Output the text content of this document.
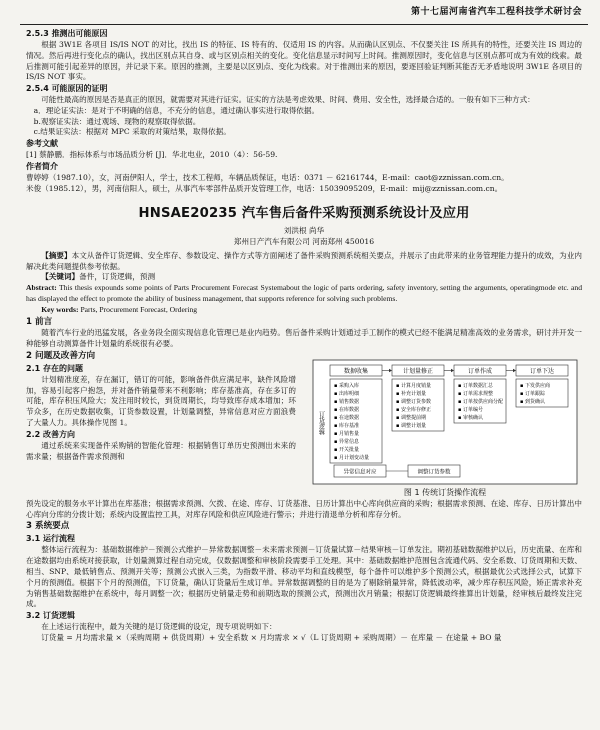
第十七届河南省汽车工程科技学术研讨会
2.5.3 推测出可能原因

根据 3W1E 各项目 IS/IS NOT 的对比，找出 IS 的特征、IS 特有的、仅适用 IS 的内容。从而确认区别点、不仅要关注 IS 所具有的特性，还要关注 IS 周边的情况。然后再进行变化点的确认，找出区别点其自身、或与区别点相关的变化。变化信息显示时间写上时间。推测原因时，变化信息与区别点都可成为有效的线索。最后推测可能引起差异的原因，并记录下来。原因的推测，主要是以区别点、变化为线索。对于推测出来的原因，要逐回验证判断其能否无矛盾地说明 3W1E 各项目的 IS/IS NOT 事实。

2.5.4 可能原因的证明

可能性最高的原因是否是真正的原因，就需要对其进行证实。证实的方法是考虑效果、时间、费用、安全性，选择最合适的。一般有如下三种方式：

a．理论证实法：是对于不明确的信息，不充分的信息，通过确认事实进行取得依据。
b.观察证实法：通过观场、现物的观察取得依据。
c.结果证实法：根据对 MPC 采取的对策结果，取得依据。
参考文献

[1] 蔡静鹏．指标体系与市场品质分析 [J]．华北电业，2010（4）：56-59.

作者简介

曹婷婷（1987.10），女，河南伊阳人，学士，技术工程师，车辆品质保证，电话：0371 － 62161744，E-mail：caot@zznissan.com.cn。

米俊（1985.12），男，河南信阳人，硕士，从事汽车零部件品质开发管理工作，电话：15039095209，E-mail：mij@zznissan.com.cn。

HNSAE20235 汽车售后备件采购预测系统设计及应用
刘洪根 尚华
郑州日产汽车有限公司 河南郑州 450016

【摘要】本文从备件订货逻辑、安全库存、参数设定、操作方式等方面阐述了备件采购预测系统相关要点，并展示了由此带来的业务管理能力提升的成效，为业内解决此类问题提供参考依据。

【关键词】备件，订货逻辑，预测

Abstract: This thesis expounds some points of Parts Procurement Forecast Systemabout the logic of parts ordering, safety inventory, setting the arguments, operatingmode etc. and has displayed the effect to promote the ability of business management, that supports reference for solving such problems.

Key words: Parts, Procurement Forecast, Ordering

1 前言

随着汽车行业的迅猛发展，各业务段全面实现信息化管理已是业内趋势。售后备件采购计划通过手工制作的模式已经不能满足精准高效的业务需求，研讨并开发一种能够自动测算备件计划量的系统很有必要。

2 问题及改善方向
2.1 存在的问题

计划精准度差，存在漏订，错订的可能，影响备件供应满足率，缺件风险增加，容易引起客户抱怨，并对备件销量带来不利影响；库存基准高，存在多订的可能，库存积压风险大；发注用时较长，到货周期长，均导致库存成本增加；环节众多，在历史数据收集，订货参数设置，计划量调整，异常信息对应方面浪费了大量人力。具体操作见图 1。

2.2 改善方向

通过系统来实现备件采购销的智能化管理：根据销售订单历史预测出未来的需求量；根据备件需求预测和

订货逻辑
数据收集
▪ 采购入库
▪ 出库明细
▪ 销售数据
▪ 在库数据
▪ 在途数据
▪ 库存基准
▪ 月销售量
▪ 异常信息
▪ 开关批量
▪ 月计划变动量
计划量修正
▪ 计算月度销量
▪ 补充计划量
▪ 调整订货参数
▪ 安全库存修正
▪ 调整提前期
▪ 调整计划量
订单作成
▪ 订单数据汇总
▪ 订单需求规整
▪ 订单按供应商分配
▪ 订单编号
▪ 审核确认
订单下达
▪ 下发供应商
▪ 订单跟踪
▪ 到货确认
异常信息对应	调整订货参数
图 1 传统订货操作流程

预先设定的服务水平计算出在库基准；根据需求预测、欠拨、在途、库存、订货基准、日历计算出中心库向供应商的采购；根据需求预测、在途、库存、日历计算出中心库向分库的分拨计划；系统内设置监控工具，对库存风险和供应风险进行警示；并进行清退单分析和库存分析。

3 系统要点
3.1 运行流程

整体运行流程为：基础数据维护－预测公式维护－异常数据调整－未来需求预测－订货量试算－结果审核－订单发注。期初基础数据维护以后，历史流量、在库和在途数据均由系统对接获取，计划量测算过程自动完成，仅数据调整和审核阶段需要手工处理。其中：基础数据维护范围包含流通代码、安全系数、订货周期和天数、相当、SNP、最低销售点、预测开关等；预测公式嵌入三类，为指数平滑、移动平均和直线模型，每个备件可以维护多个预测公式，根据最优公式选择公式，试算下个月的预测值。根据下个月的预测值，下订货量，确认订货量后生成订单。异常数据调整的目的是为了剔除销量异常，降低波动率，减少库存积压风险，矫正需求补充为销售基础数据维护在系统中，每月调整一次；根据历史销量走势和前期选取的预测公式，预测出次月销量；根据订货逻辑最终推算出计划量，经审核后最终发注完成。

3.2 订货逻辑

在上述运行流程中，最为关键的是订货逻辑的设定，现专项说明如下：

订货量 = 月均需求量 ×（采购周期 + 供货周期）+ 安全系数 × 月均需求 × √（L 订货周期 + 采购周期）－ 在库量 － 在途量 + BO 量
